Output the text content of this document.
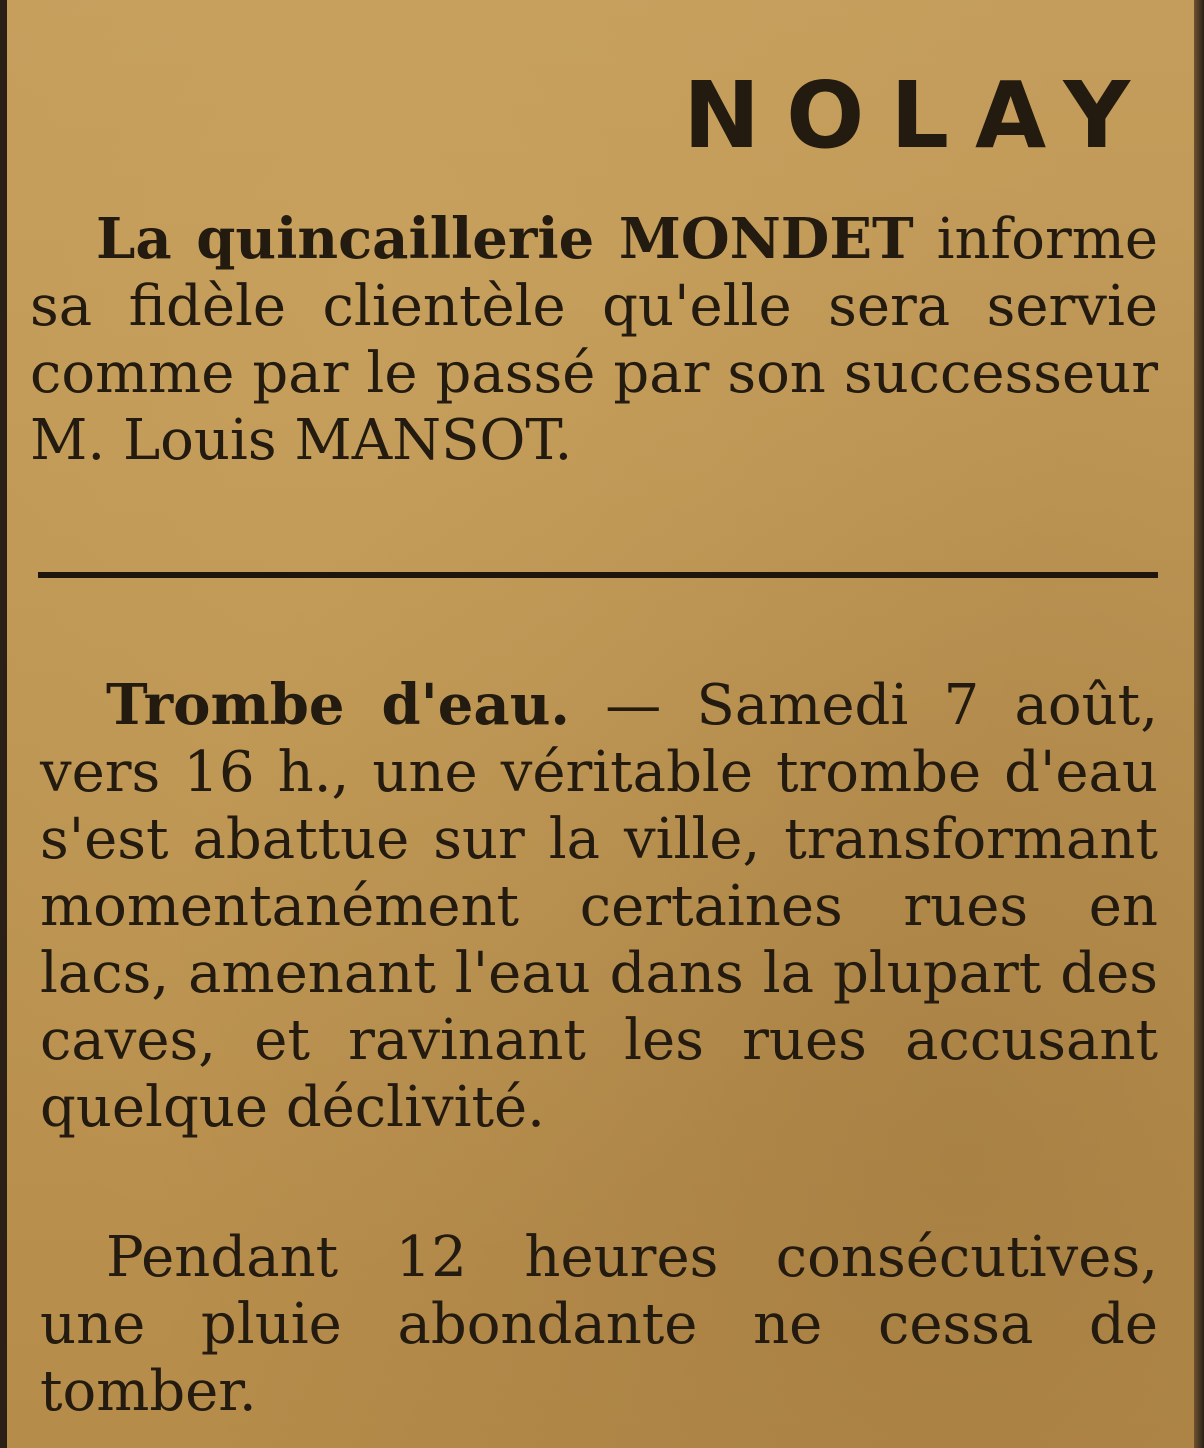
NOLAY

La quincaillerie MONDET informe sa fidèle clientèle qu'elle sera servie comme par le passé par son successeur M. Louis MANSOT.

Trombe d'eau. — Samedi 7 août, vers 16 h., une véritable trombe d'eau s'est abattue sur la ville, transformant momentanément certaines rues en lacs, amenant l'eau dans la plupart des caves, et ravinant les rues accusant quelque déclivité.

Pendant 12 heures consécutives, une pluie abondante ne cessa de tomber.
